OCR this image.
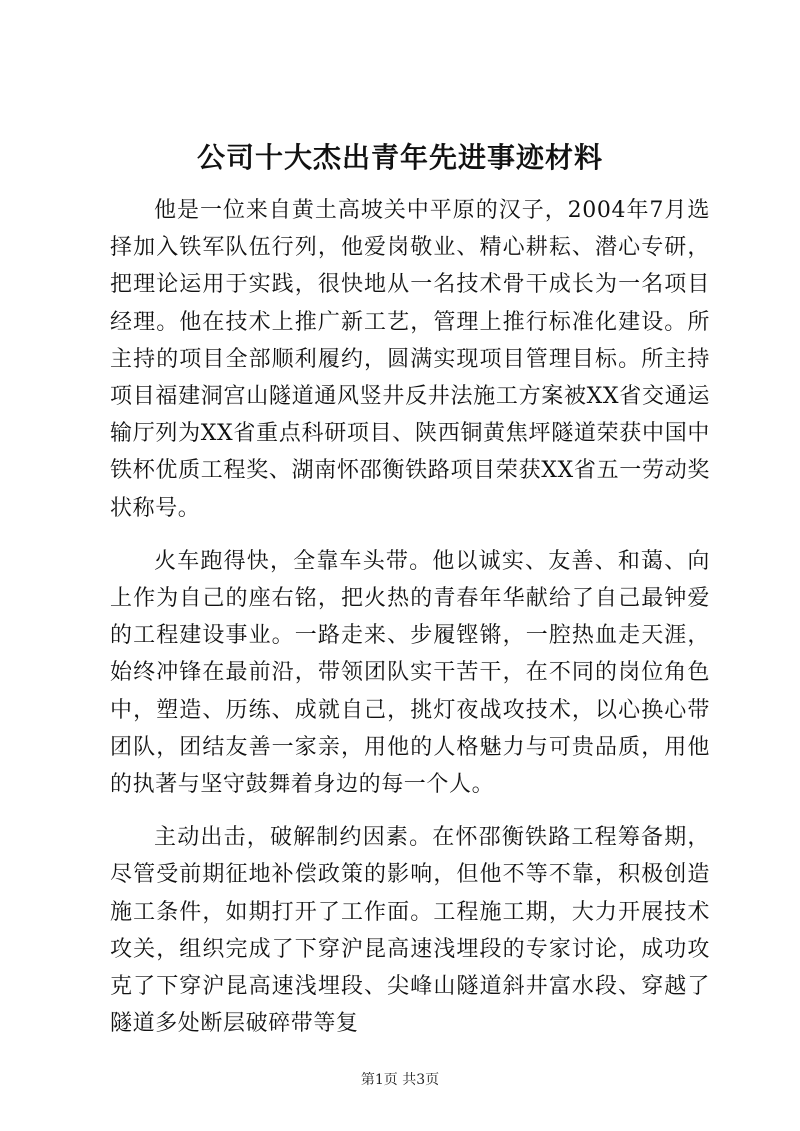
公司十大杰出青年先进事迹材料

他是一位来自黄土高坡关中平原的汉子，2004年7月选择加入铁军队伍行列，他爱岗敬业、精心耕耘、潜心专研，把理论运用于实践，很快地从一名技术骨干成长为一名项目经理。他在技术上推广新工艺，管理上推行标准化建设。所主持的项目全部顺利履约，圆满实现项目管理目标。所主持项目福建洞宫山隧道通风竖井反井法施工方案被XX省交通运输厅列为XX省重点科研项目、陕西铜黄焦坪隧道荣获中国中铁杯优质工程奖、湖南怀邵衡铁路项目荣获XX省五一劳动奖状称号。

火车跑得快，全靠车头带。他以诚实、友善、和蔼、向上作为自己的座右铭，把火热的青春年华献给了自己最钟爱的工程建设事业。一路走来、步履铿锵，一腔热血走天涯，始终冲锋在最前沿，带领团队实干苦干，在不同的岗位角色中，塑造、历练、成就自己，挑灯夜战攻技术，以心换心带团队，团结友善一家亲，用他的人格魅力与可贵品质，用他的执著与坚守鼓舞着身边的每一个人。

主动出击，破解制约因素。在怀邵衡铁路工程筹备期，尽管受前期征地补偿政策的影响，但他不等不靠，积极创造施工条件，如期打开了工作面。工程施工期，大力开展技术攻关，组织完成了下穿沪昆高速浅埋段的专家讨论，成功攻克了下穿沪昆高速浅埋段、尖峰山隧道斜井富水段、穿越了隧道多处断层破碎带等复

第1页 共3页
